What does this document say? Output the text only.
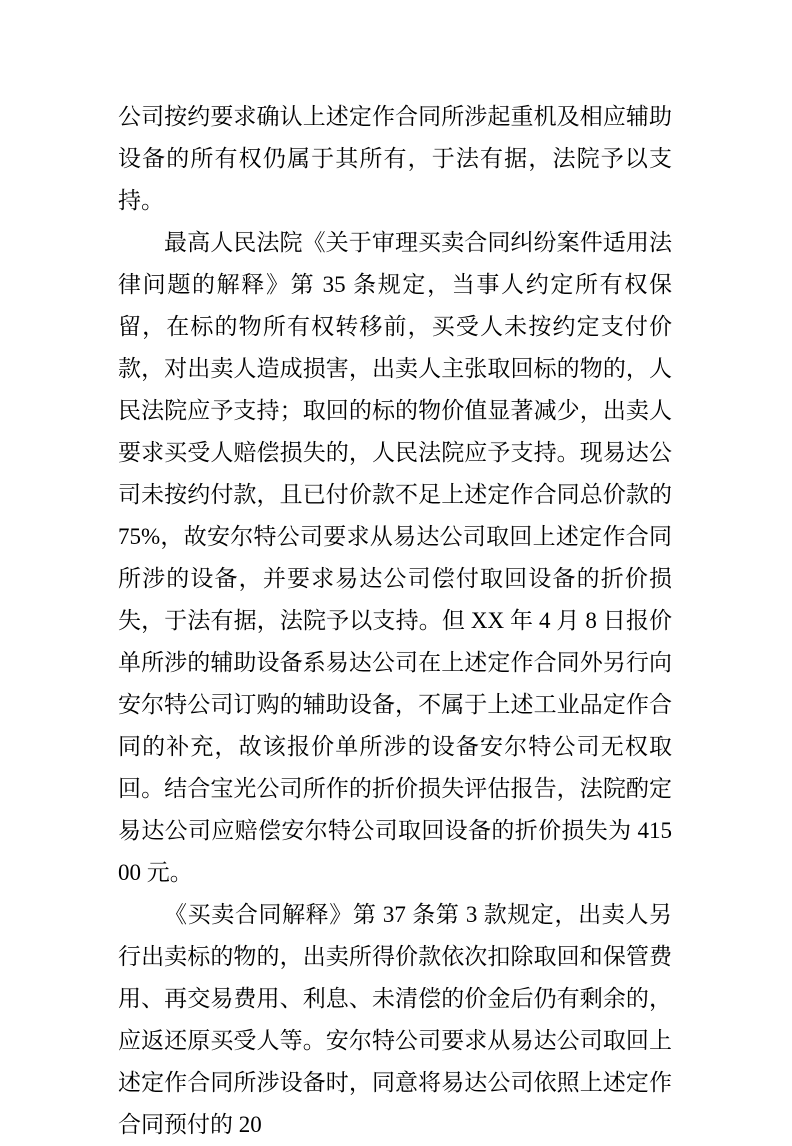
公司按约要求确认上述定作合同所涉起重机及相应辅助设备的所有权仍属于其所有，于法有据，法院予以支持。

最高人民法院《关于审理买卖合同纠纷案件适用法律问题的解释》第 35 条规定，当事人约定所有权保留，在标的物所有权转移前，买受人未按约定支付价款，对出卖人造成损害，出卖人主张取回标的物的，人民法院应予支持；取回的标的物价值显著减少，出卖人要求买受人赔偿损失的，人民法院应予支持。现易达公司未按约付款，且已付价款不足上述定作合同总价款的 75%，故安尔特公司要求从易达公司取回上述定作合同所涉的设备，并要求易达公司偿付取回设备的折价损失，于法有据，法院予以支持。但 XX 年 4 月 8 日报价单所涉的辅助设备系易达公司在上述定作合同外另行向安尔特公司订购的辅助设备，不属于上述工业品定作合同的补充，故该报价单所涉的设备安尔特公司无权取回。结合宝光公司所作的折价损失评估报告，法院酌定易达公司应赔偿安尔特公司取回设备的折价损失为 41500 元。

《买卖合同解释》第 37 条第 3 款规定，出卖人另行出卖标的物的，出卖所得价款依次扣除取回和保管费用、再交易费用、利息、未清偿的价金后仍有剩余的，应返还原买受人等。安尔特公司要求从易达公司取回上述定作合同所涉设备时，同意将易达公司依照上述定作合同预付的 20
